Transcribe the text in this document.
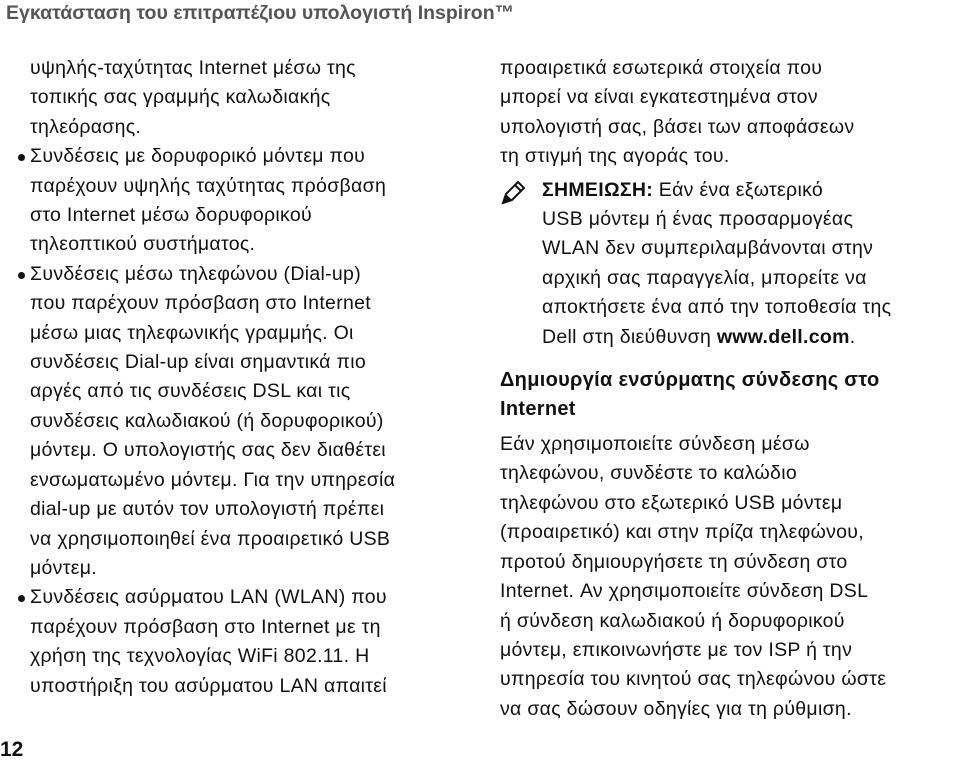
Εγκατάσταση του επιτραπέζιου υπολογιστή Inspiron™

υψηλής-ταχύτητας Internet μέσω της
τοπικής σας γραμμής καλωδιακής
τηλεόρασης.

Συνδέσεις με δορυφορικό μόντεμ που
παρέχουν υψηλής ταχύτητας πρόσβαση
στο Internet μέσω δορυφορικού
τηλεοπτικού συστήματος.
Συνδέσεις μέσω τηλεφώνου (Dial-up)
που παρέχουν πρόσβαση στο Internet
μέσω μιας τηλεφωνικής γραμμής. Οι
συνδέσεις Dial-up είναι σημαντικά πιο
αργές από τις συνδέσεις DSL και τις
συνδέσεις καλωδιακού (ή δορυφορικού)
μόντεμ. Ο υπολογιστής σας δεν διαθέτει
ενσωματωμένο μόντεμ. Για την υπηρεσία
dial-up με αυτόν τον υπολογιστή πρέπει
να χρησιμοποιηθεί ένα προαιρετικό USB
μόντεμ.
Συνδέσεις ασύρματου LAN (WLAN) που
παρέχουν πρόσβαση στο Internet με τη
χρήση της τεχνολογίας WiFi 802.11. Η
υποστήριξη του ασύρματου LAN απαιτεί

προαιρετικά εσωτερικά στοιχεία που
μπορεί να είναι εγκατεστημένα στον
υπολογιστή σας, βάσει των αποφάσεων
τη στιγμή της αγοράς του.

ΣΗΜΕΙΩΣΗ: Εάν ένα εξωτερικό
USB μόντεμ ή ένας προσαρμογέας
WLAN δεν συμπεριλαμβάνονται στην
αρχική σας παραγγελία, μπορείτε να
αποκτήσετε ένα από την τοποθεσία της
Dell στη διεύθυνση www.dell.com.
Δημιουργία ενσύρματης σύνδεσης στο
Internet

Εάν χρησιμοποιείτε σύνδεση μέσω
τηλεφώνου, συνδέστε το καλώδιο
τηλεφώνου στο εξωτερικό USB μόντεμ
(προαιρετικό) και στην πρίζα τηλεφώνου,
προτού δημιουργήσετε τη σύνδεση στο
Internet. Αν χρησιμοποιείτε σύνδεση DSL
ή σύνδεση καλωδιακού ή δορυφορικού
μόντεμ, επικοινωνήστε με τον ISP ή την
υπηρεσία του κινητού σας τηλεφώνου ώστε
να σας δώσουν οδηγίες για τη ρύθμιση.

12
